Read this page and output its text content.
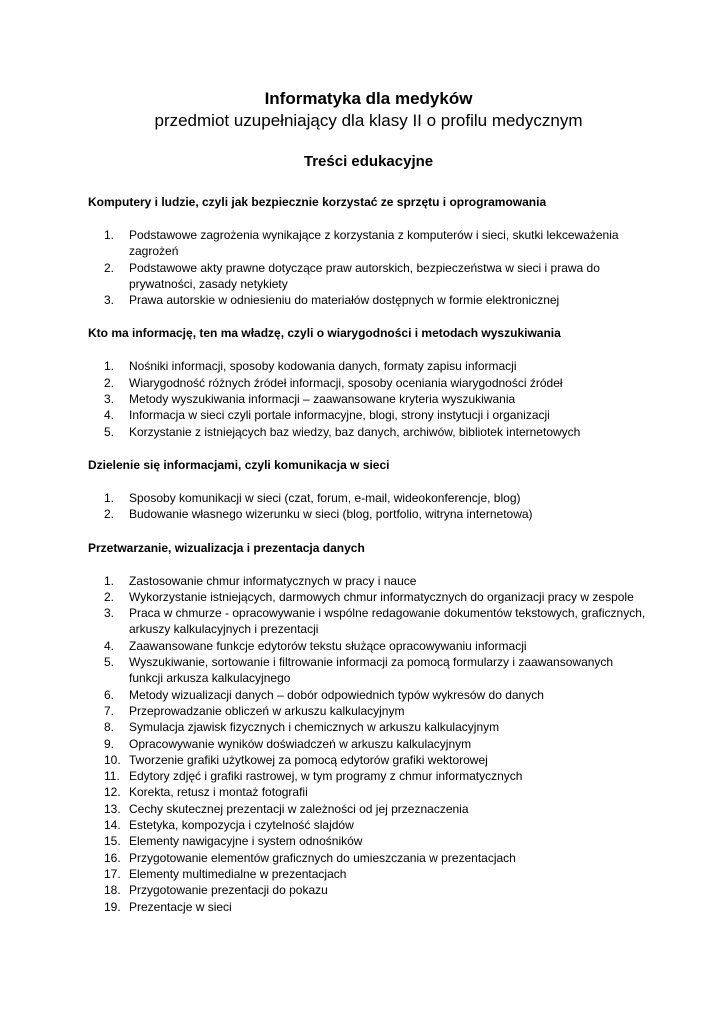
Informatyka dla medyków

przedmiot uzupełniający dla klasy II o profilu medycznym

Treści edukacyjne
Komputery i ludzie, czyli jak bezpiecznie korzystać ze sprzętu i oprogramowania
1.	Podstawowe zagrożenia wynikające z korzystania z komputerów i sieci, skutki lekceważenia zagrożeń
2.	Podstawowe akty prawne dotyczące praw autorskich, bezpieczeństwa w sieci i prawa do prywatności, zasady netykiety
3.	Prawa autorskie w odniesieniu do materiałów dostępnych w formie elektronicznej
Kto ma informację, ten ma władzę, czyli o wiarygodności i metodach wyszukiwania
1.	Nośniki informacji, sposoby kodowania danych, formaty zapisu informacji
2.	Wiarygodność różnych źródeł informacji, sposoby oceniania wiarygodności źródeł
3.	Metody wyszukiwania informacji – zaawansowane kryteria wyszukiwania
4.	Informacja w sieci czyli portale informacyjne, blogi, strony instytucji i organizacji
5.	Korzystanie z istniejących baz wiedzy, baz danych, archiwów, bibliotek internetowych
Dzielenie się informacjami, czyli komunikacja w sieci
1.	Sposoby komunikacji w sieci (czat, forum, e-mail, wideokonferencje, blog)
2.	Budowanie własnego wizerunku w sieci (blog, portfolio, witryna internetowa)
Przetwarzanie, wizualizacja i prezentacja danych
1.	Zastosowanie chmur informatycznych w pracy i nauce
2.	Wykorzystanie istniejących, darmowych chmur informatycznych do organizacji pracy w zespole
3.	Praca w chmurze - opracowywanie i wspólne redagowanie dokumentów tekstowych, graficznych, arkuszy kalkulacyjnych i prezentacji
4.	Zaawansowane funkcje edytorów tekstu służące opracowywaniu informacji
5.	Wyszukiwanie, sortowanie i filtrowanie informacji za pomocą formularzy i zaawansowanych funkcji arkusza kalkulacyjnego
6.	Metody wizualizacji danych – dobór odpowiednich typów wykresów do danych
7.	Przeprowadzanie obliczeń w arkuszu kalkulacyjnym
8.	Symulacja zjawisk fizycznych i chemicznych w arkuszu kalkulacyjnym
9.	Opracowywanie wyników doświadczeń w arkuszu kalkulacyjnym
10. Tworzenie grafiki użytkowej za pomocą edytorów grafiki wektorowej
11. Edytory zdjęć i grafiki rastrowej, w tym programy z chmur informatycznych
12. Korekta, retusz i montaż fotografii
13. Cechy skutecznej prezentacji w zależności od jej przeznaczenia
14. Estetyka, kompozycja i czytelność slajdów
15. Elementy nawigacyjne i system odnośników
16. Przygotowanie elementów graficznych do umieszczania w prezentacjach
17. Elementy multimedialne w prezentacjach
18. Przygotowanie prezentacji do pokazu
19. Prezentacje w sieci
